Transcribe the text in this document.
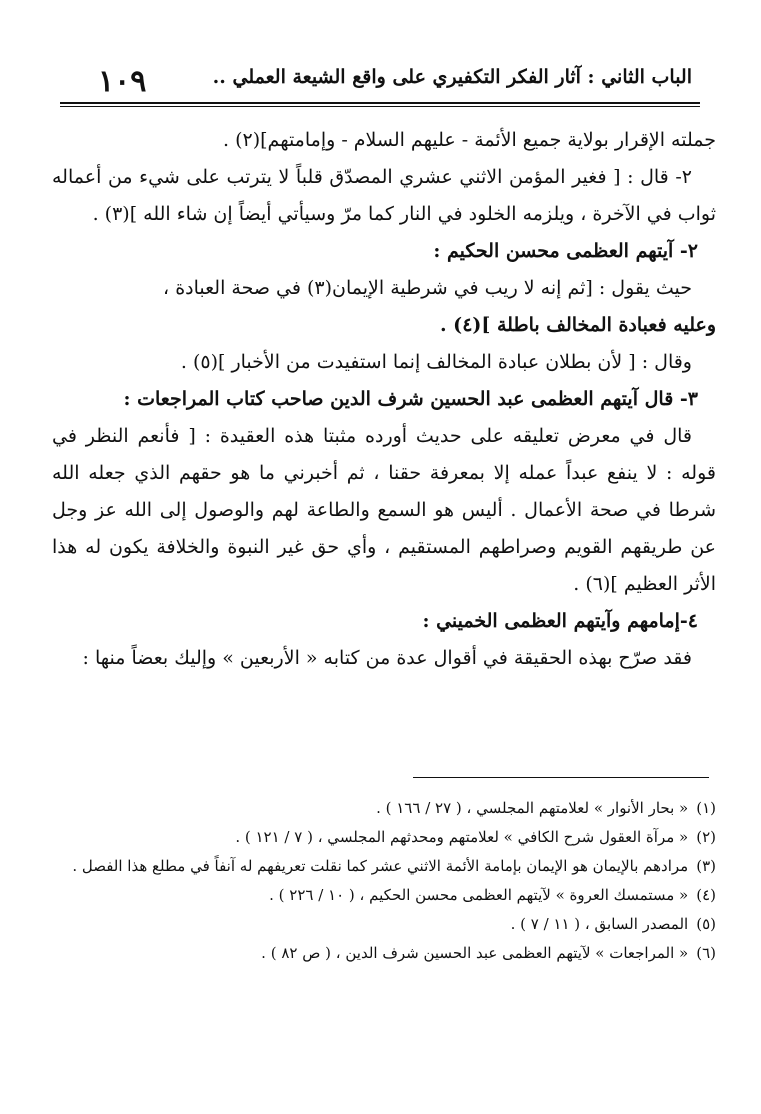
١٠٩	الباب الثاني : آثار الفكر التكفيري على واقع الشيعة العملي ..

جملته الإقرار بولاية جميع الأئمة - عليهم السلام - وإمامتهم](٢) .

٢- قال : [ فغير المؤمن الاثني عشري المصدّق قلباً لا يترتب على شيء من أعماله ثواب في الآخرة ، ويلزمه الخلود في النار كما مرّ وسيأتي أيضاً إن شاء الله ](٣) .

٢- آيتهم العظمى محسن الحكيم :

حيث يقول : [ثم إنه لا ريب في شرطية الإيمان(٣) في صحة العبادة ،

وعليه فعبادة المخالف باطلة ](٤) .

وقال : [ لأن بطلان عبادة المخالف إنما استفيدت من الأخبار ](٥) .

٣- قال آيتهم العظمى عبد الحسين شرف الدين صاحب كتاب المراجعات :

قال في معرض تعليقه على حديث أورده مثبتا هذه العقيدة : [ فأنعم النظر في قوله : لا ينفع عبداً عمله إلا بمعرفة حقنا ، ثم أخبرني ما هو حقهم الذي جعله الله شرطا في صحة الأعمال . أليس هو السمع والطاعة لهم والوصول إلى الله عز وجل عن طريقهم القويم وصراطهم المستقيم ، وأي حق غير النبوة والخلافة يكون له هذا الأثر العظيم ](٦) .

٤-إمامهم وآيتهم العظمى الخميني :

فقد صرّح بهذه الحقيقة في أقوال عدة من كتابه « الأربعين » وإليك بعضاً منها :

(١)
« بحار الأنوار » لعلامتهم المجلسي ، ( ٢٧ / ١٦٦ ) .
(٢)
« مرآة العقول شرح الكافي » لعلامتهم ومحدثهم المجلسي ، ( ٧ / ١٢١ ) .
(٣)
مرادهم بالإيمان هو الإيمان بإمامة الأئمة الاثني عشر كما نقلت تعريفهم له آنفاً في مطلع هذا الفصل .
(٤)
« مستمسك العروة » لآيتهم العظمى محسن الحكيم ، ( ١٠ / ٢٢٦ ) .
(٥)
المصدر السابق ، ( ١١ / ٧ ) .
(٦)
« المراجعات » لآيتهم العظمى عبد الحسين شرف الدين ، ( ص ٨٢ ) .
